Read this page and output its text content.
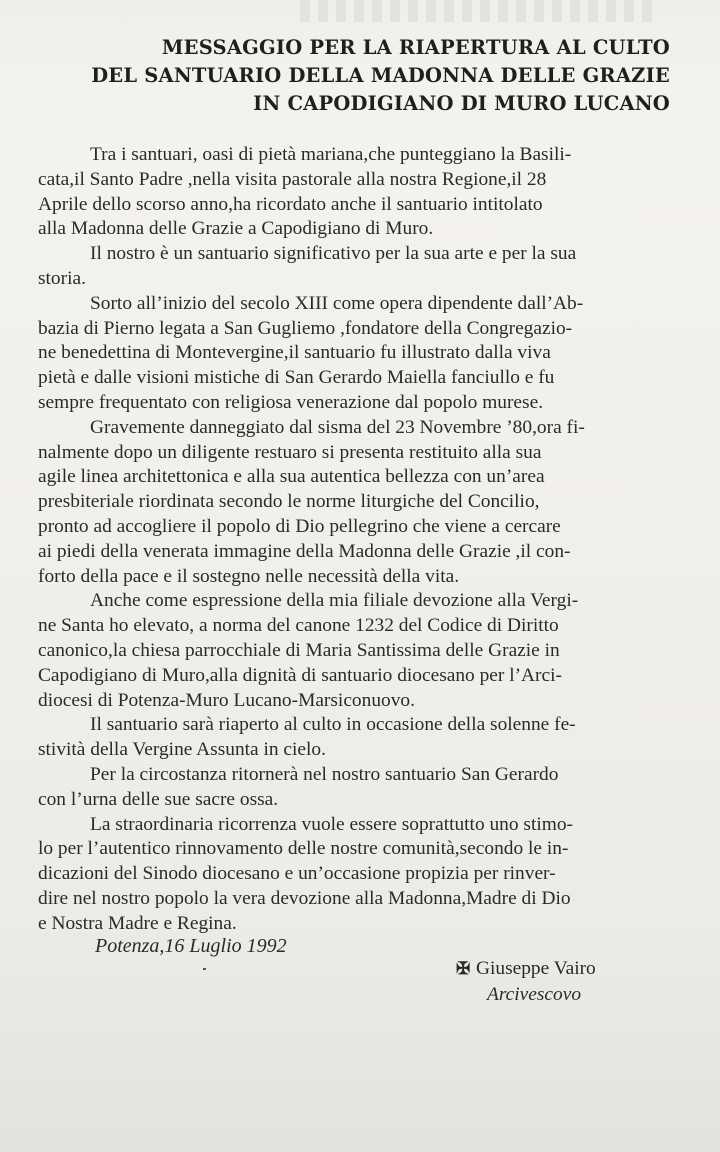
MESSAGGIO PER LA RIAPERTURA AL CULTO
DEL SANTUARIO DELLA MADONNA DELLE GRAZIE
IN CAPODIGIANO DI MURO LUCANO

Tra i santuari, oasi di pietà mariana,che punteggiano la Basili-
cata,il Santo Padre ,nella visita pastorale alla nostra Regione,il 28
Aprile dello scorso anno,ha ricordato anche il santuario intitolato
alla Madonna delle Grazie a Capodigiano di Muro.

Il nostro è un santuario significativo per la sua arte e per la sua
storia.

Sorto all’inizio del secolo XIII come opera dipendente dall’Ab-
bazia di Pierno legata a San Gugliemo ,fondatore della Congregazio-
ne benedettina di Montevergine,il santuario fu illustrato dalla viva
pietà e dalle visioni mistiche di San Gerardo Maiella fanciullo e fu
sempre frequentato con religiosa venerazione dal popolo murese.

Gravemente danneggiato dal sisma del 23 Novembre ’80,ora fi-
nalmente dopo un diligente restuaro si presenta restituito alla sua
agile linea architettonica e alla sua autentica bellezza con un’area
presbiteriale riordinata secondo le norme liturgiche del Concilio,
pronto ad accogliere il popolo di Dio pellegrino che viene a cercare
ai piedi della venerata immagine della Madonna delle Grazie ,il con-
forto della pace e il sostegno nelle necessità della vita.

Anche come espressione della mia filiale devozione alla Vergi-
ne Santa ho elevato, a norma del canone 1232 del Codice di Diritto
canonico,la chiesa parrocchiale di Maria Santissima delle Grazie in
Capodigiano di Muro,alla dignità di santuario diocesano per l’Arci-
diocesi di Potenza-Muro Lucano-Marsiconuovo.

Il santuario sarà riaperto al culto in occasione della solenne fe-
stività della Vergine Assunta in cielo.

Per la circostanza ritornerà nel nostro santuario San Gerardo
con l’urna delle sue sacre ossa.

La straordinaria ricorrenza vuole essere soprattutto uno stimo-
lo per l’autentico rinnovamento delle nostre comunità,secondo le in-
dicazioni del Sinodo diocesano e un’occasione propizia per rinver-
dire nel nostro popolo la vera devozione alla Madonna,Madre di Dio
e Nostra Madre e Regina.

Potenza,16 Luglio 1992
✠ Giuseppe Vairo
Arcivescovo
